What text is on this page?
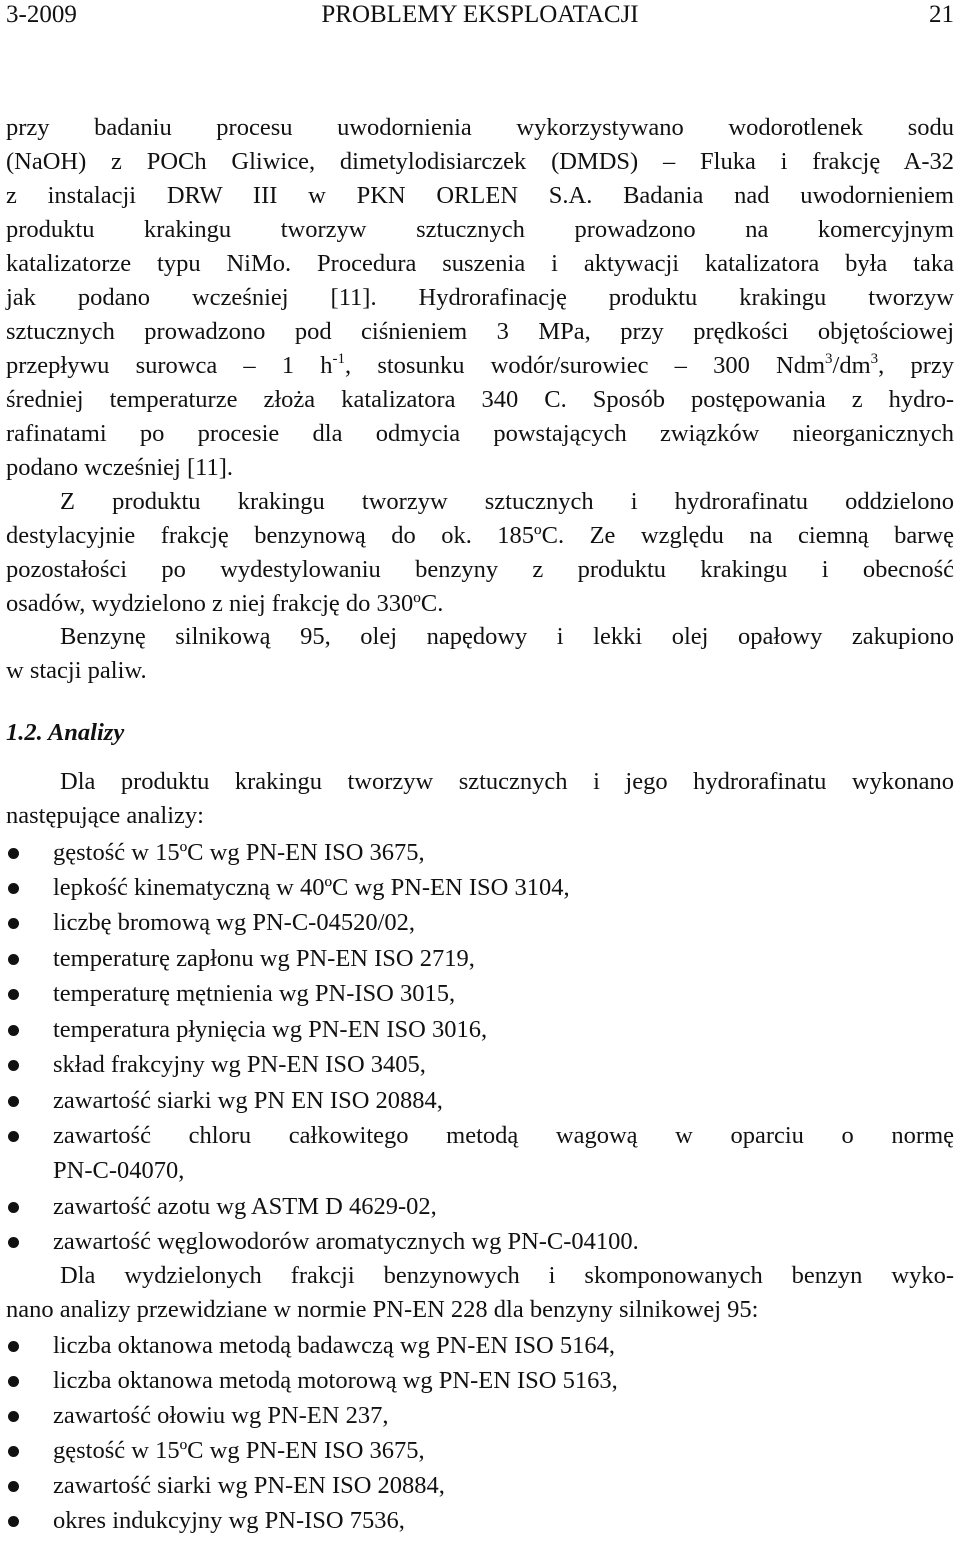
3-2009	PROBLEMY EKSPLOATACJI	21
przy badaniu procesu uwodornienia wykorzystywano wodorotlenek sodu
(NaOH) z POCh Gliwice, dimetylodisiarczek (DMDS) – Fluka i frakcję A-32
z instalacji DRW III w PKN ORLEN S.A. Badania nad uwodornieniem
produktu krakingu tworzyw sztucznych prowadzono na komercyjnym
katalizatorze typu NiMo. Procedura suszenia i aktywacji katalizatora była taka
jak podano wcześniej [11]. Hydrorafinację produktu krakingu tworzyw
sztucznych prowadzono pod ciśnieniem 3 MPa, przy prędkości objętościowej
przepływu surowca – 1 $h^{-1}$, stosunku wodór/surowiec – 300 $Ndm^3/dm^3$, przy
średniej temperaturze złoża katalizatora 340 C. Sposób postępowania z hydro-
rafinatami po procesie dla odmycia powstających związków nieorganicznych
podano wcześniej [11].
Z produktu krakingu tworzyw sztucznych i hydrorafinatu oddzielono
destylacyjnie frakcję benzynową do ok. 185ºC. Ze względu na ciemną barwę
pozostałości po wydestylowaniu benzyny z produktu krakingu i obecność
osadów, wydzielono z niej frakcję do 330ºC.
Benzynę silnikową 95, olej napędowy i lekki olej opałowy zakupiono
w stacji paliw.
1.2. Analizy
Dla produktu krakingu tworzyw sztucznych i jego hydrorafinatu wykonano
następujące analizy:
gęstość w 15ºC wg PN-EN ISO 3675,
lepkość kinematyczną w 40ºC wg PN-EN ISO 3104,
liczbę bromową wg PN-C-04520/02,
temperaturę zapłonu wg PN-EN ISO 2719,
temperaturę mętnienia wg PN-ISO 3015,
temperatura płynięcia wg PN-EN ISO 3016,
skład frakcyjny wg PN-EN ISO 3405,
zawartość siarki wg PN EN ISO 20884,
zawartość chloru całkowitego metodą wagową w oparciu o normę
PN-C-04070,
zawartość azotu wg ASTM D 4629-02,
zawartość węglowodorów aromatycznych wg PN-C-04100.
Dla wydzielonych frakcji benzynowych i skomponowanych benzyn wyko-
nano analizy przewidziane w normie PN-EN 228 dla benzyny silnikowej 95:
liczba oktanowa metodą badawczą wg PN-EN ISO 5164,
liczba oktanowa metodą motorową wg PN-EN ISO 5163,
zawartość ołowiu wg PN-EN 237,
gęstość w 15ºC wg PN-EN ISO 3675,
zawartość siarki wg PN-EN ISO 20884,
okres indukcyjny wg PN-ISO 7536,
